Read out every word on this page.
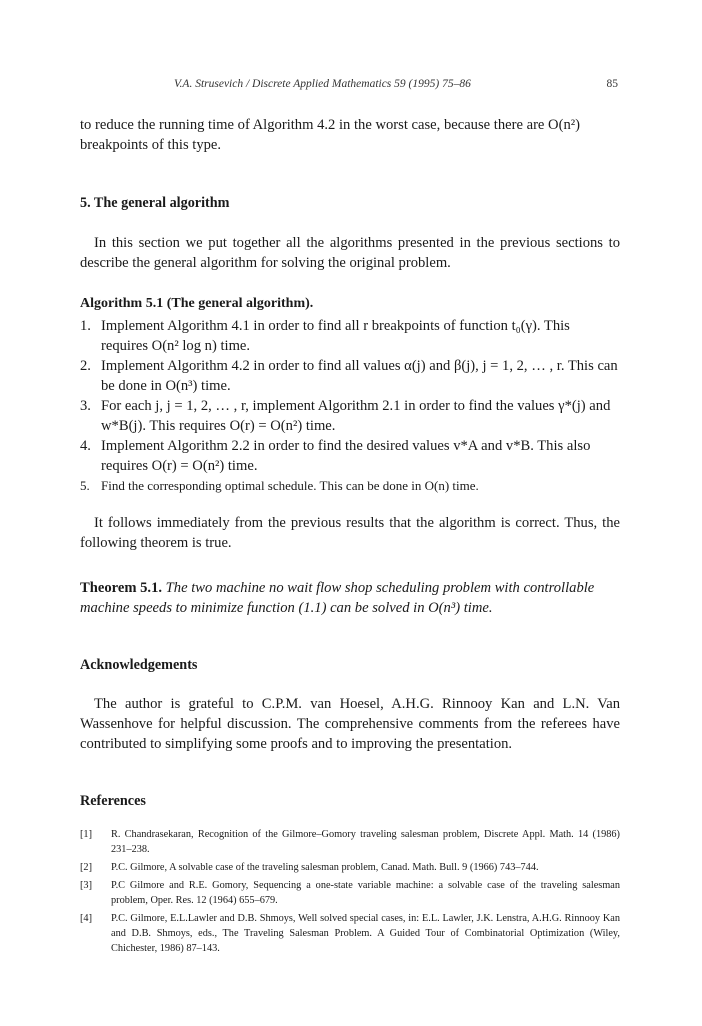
V.A. Strusevich / Discrete Applied Mathematics 59 (1995) 75–86	85
to reduce the running time of Algorithm 4.2 in the worst case, because there are O(n²)
breakpoints of this type.
5. The general algorithm
In this section we put together all the algorithms presented in the previous sections to describe the general algorithm for solving the original problem.
Algorithm 5.1 (The general algorithm).
1. Implement Algorithm 4.1 in order to find all r breakpoints of function t₀(γ). This requires O(n² log n) time.
2. Implement Algorithm 4.2 in order to find all values α(j) and β(j), j = 1, 2, … , r. This can be done in O(n³) time.
3. For each j, j = 1, 2, … , r, implement Algorithm 2.1 in order to find the values γ*(j) and w*B(j). This requires O(r) = O(n²) time.
4. Implement Algorithm 2.2 in order to find the desired values v*A and v*B. This also requires O(r) = O(n²) time.
5. Find the corresponding optimal schedule. This can be done in O(n) time.
It follows immediately from the previous results that the algorithm is correct. Thus, the following theorem is true.
Theorem 5.1. The two machine no wait flow shop scheduling problem with controllable machine speeds to minimize function (1.1) can be solved in O(n³) time.
Acknowledgements
The author is grateful to C.P.M. van Hoesel, A.H.G. Rinnooy Kan and L.N. Van Wassenhove for helpful discussion. The comprehensive comments from the referees have contributed to simplifying some proofs and to improving the presentation.
References
[1] R. Chandrasekaran, Recognition of the Gilmore–Gomory traveling salesman problem, Discrete Appl. Math. 14 (1986) 231–238.
[2] P.C. Gilmore, A solvable case of the traveling salesman problem, Canad. Math. Bull. 9 (1966) 743–744.
[3] P.C Gilmore and R.E. Gomory, Sequencing a one-state variable machine: a solvable case of the traveling salesman problem, Oper. Res. 12 (1964) 655–679.
[4] P.C. Gilmore, E.L.Lawler and D.B. Shmoys, Well solved special cases, in: E.L. Lawler, J.K. Lenstra, A.H.G. Rinnooy Kan and D.B. Shmoys, eds., The Traveling Salesman Problem. A Guided Tour of Combinatorial Optimization (Wiley, Chichester, 1986) 87–143.
